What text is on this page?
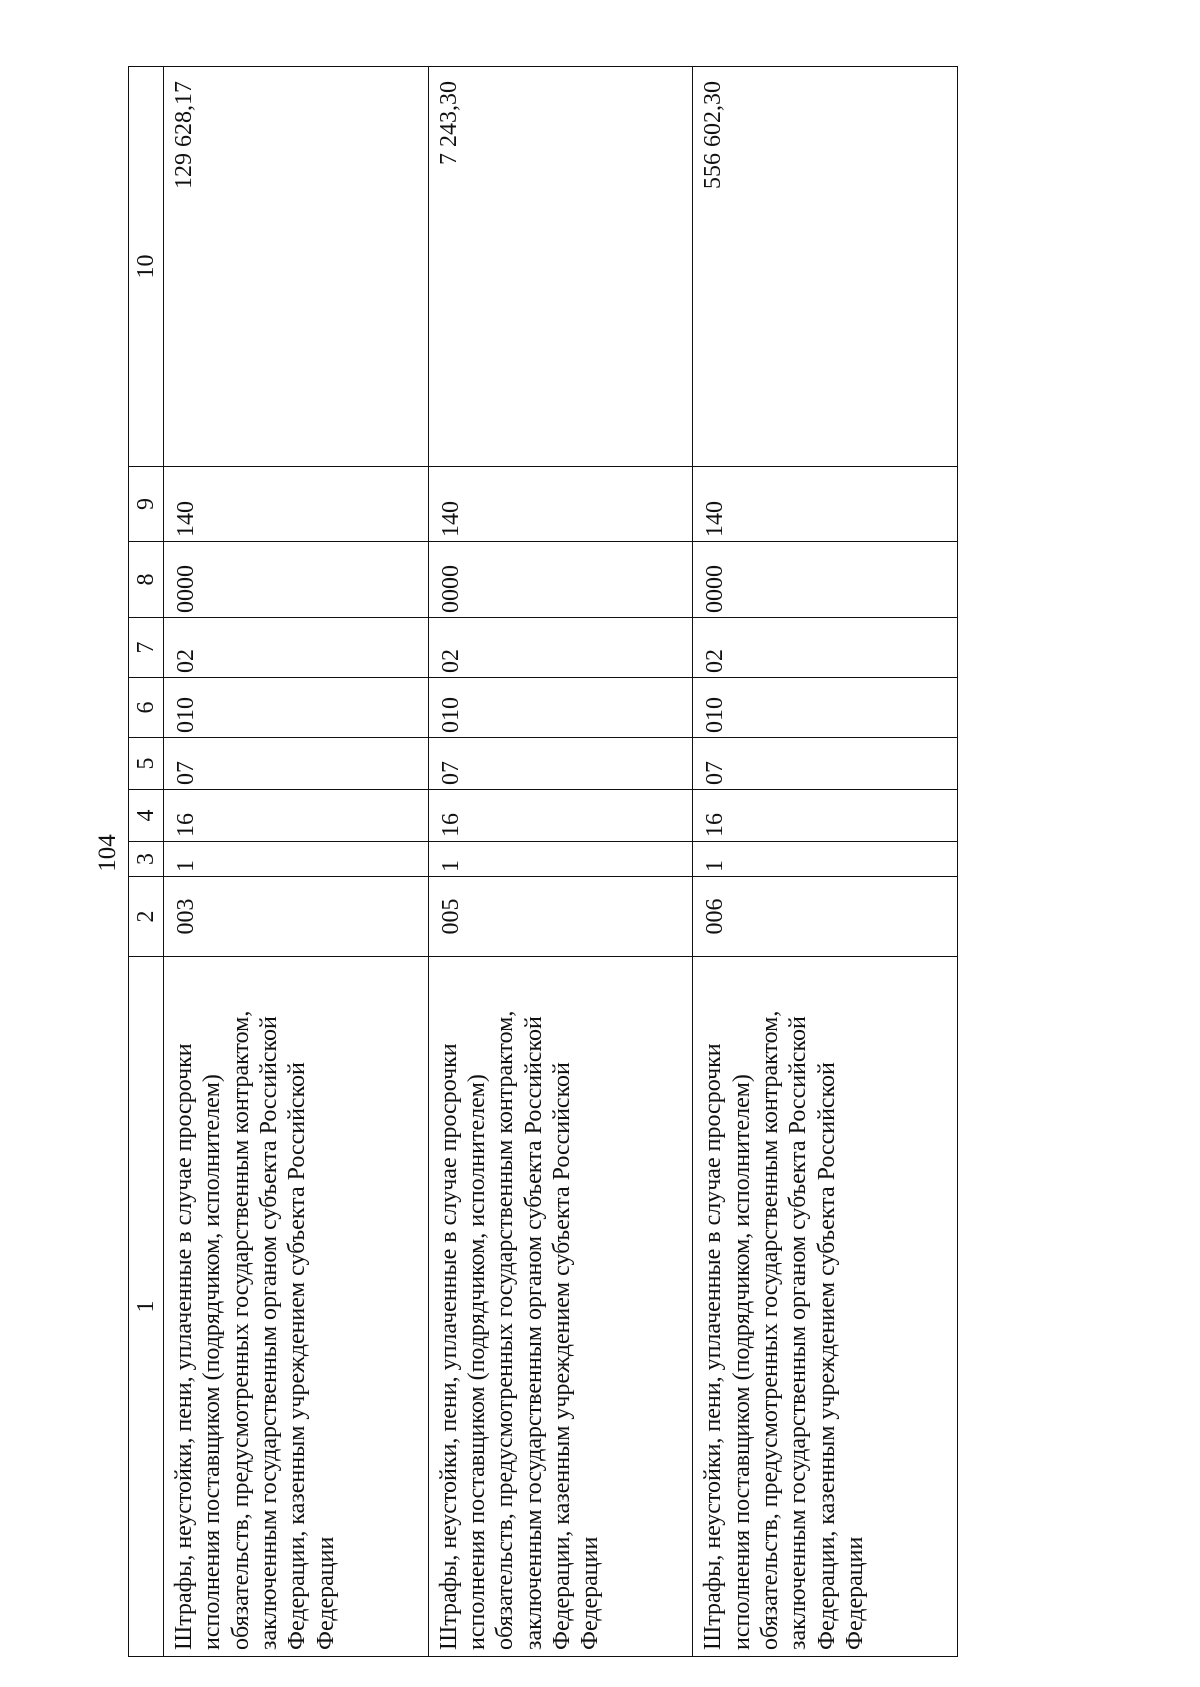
104
1	2	3	4	5	6	7	8	9	10
Штрафы, неустойки, пени, уплаченные в случае просрочки исполнения поставщиком (подрядчиком, исполнителем) обязательств, предусмотренных государственным контрактом, заключенным государственным органом субъекта Российской Федерации, казенным учреждением субъекта Российской Федерации	003	1	16	07	010	02	0000	140	129 628,17
Штрафы, неустойки, пени, уплаченные в случае просрочки исполнения поставщиком (подрядчиком, исполнителем) обязательств, предусмотренных государственным контрактом, заключенным государственным органом субъекта Российской Федерации, казенным учреждением субъекта Российской Федерации	005	1	16	07	010	02	0000	140	7 243,30
Штрафы, неустойки, пени, уплаченные в случае просрочки исполнения поставщиком (подрядчиком, исполнителем) обязательств, предусмотренных государственным контрактом, заключенным государственным органом субъекта Российской Федерации, казенным учреждением субъекта Российской Федерации	006	1	16	07	010	02	0000	140	556 602,30
